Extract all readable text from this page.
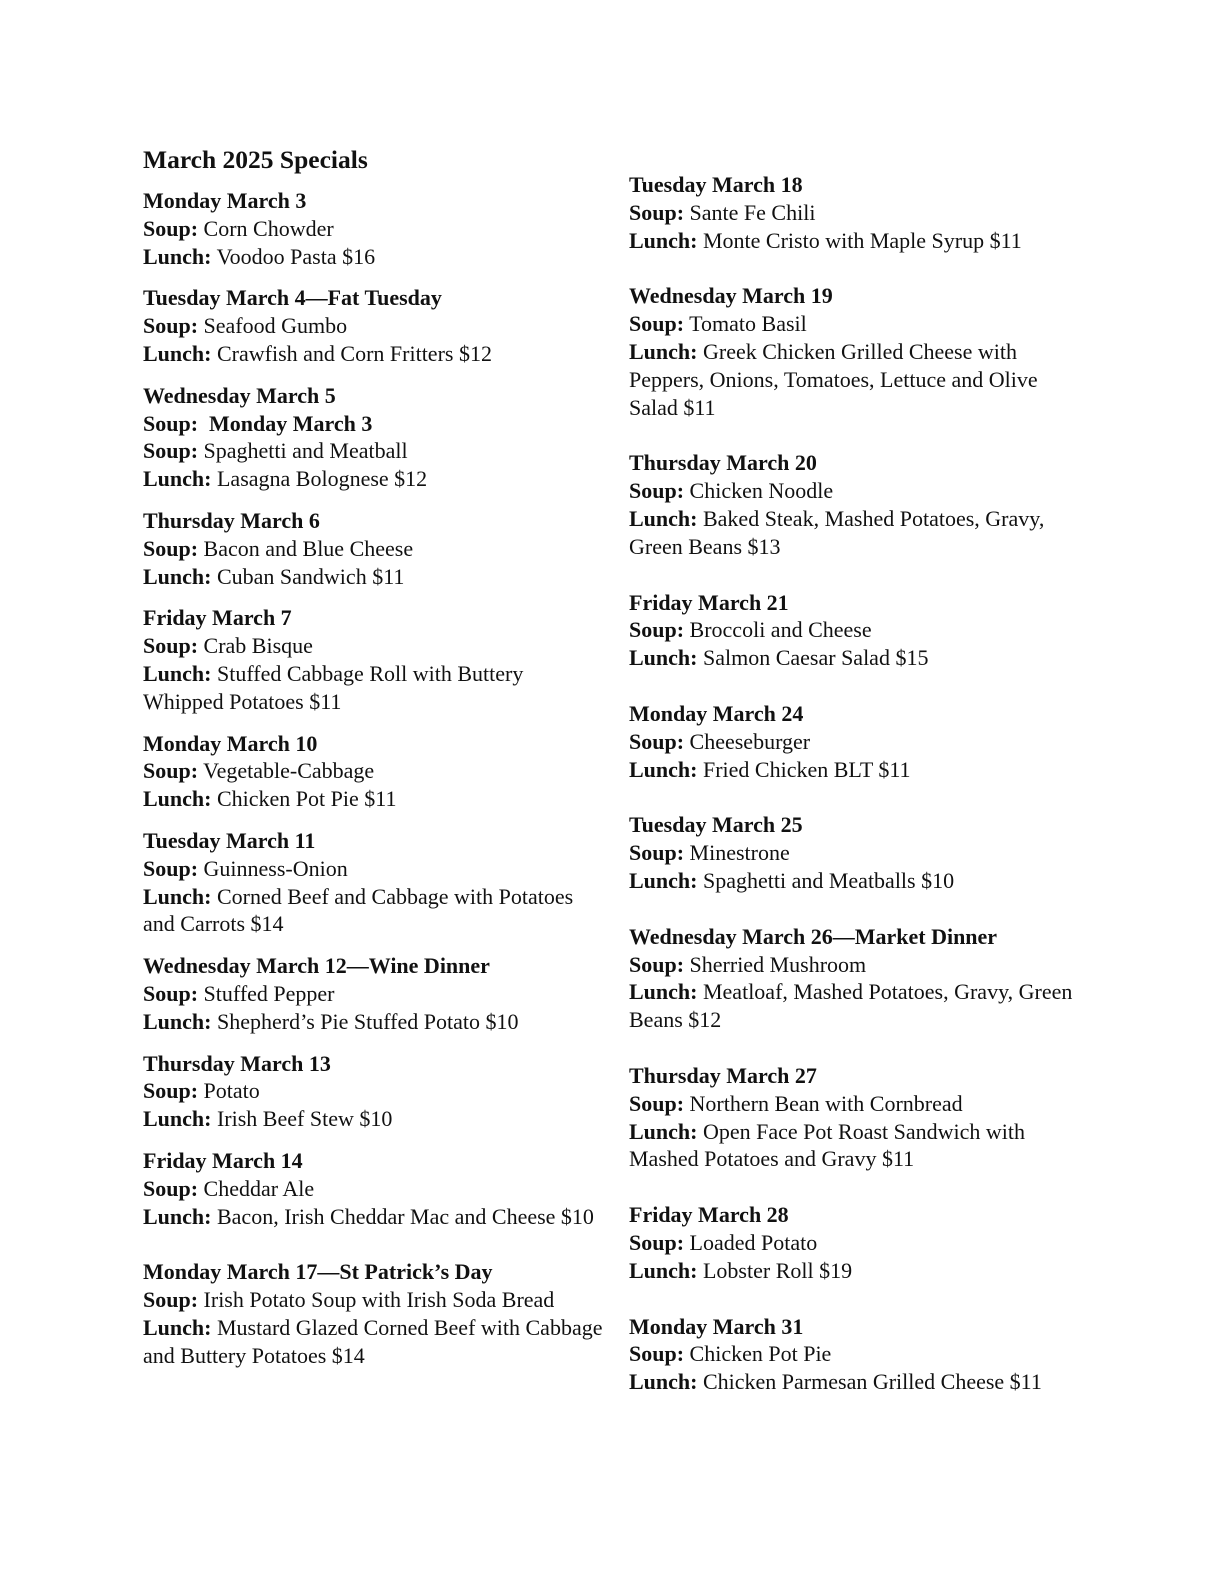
March 2025 Specials
Monday March 3
Soup: Corn Chowder
Lunch: Voodoo Pasta $16
Tuesday March 4—Fat Tuesday
Soup: Seafood Gumbo
Lunch: Crawfish and Corn Fritters $12
Wednesday March 5
Soup:  Monday March 3
Soup: Spaghetti and Meatball
Lunch: Lasagna Bolognese $12
Thursday March 6
Soup: Bacon and Blue Cheese
Lunch: Cuban Sandwich $11
Friday March 7
Soup: Crab Bisque
Lunch: Stuffed Cabbage Roll with Buttery Whipped Potatoes $11
Monday March 10
Soup: Vegetable-Cabbage
Lunch: Chicken Pot Pie $11
Tuesday March 11
Soup: Guinness-Onion
Lunch: Corned Beef and Cabbage with Potatoes and Carrots $14
Wednesday March 12—Wine Dinner
Soup: Stuffed Pepper
Lunch: Shepherd’s Pie Stuffed Potato $10
Thursday March 13
Soup: Potato
Lunch: Irish Beef Stew $10
Friday March 14
Soup: Cheddar Ale
Lunch: Bacon, Irish Cheddar Mac and Cheese $10
Monday March 17—St Patrick’s Day
Soup: Irish Potato Soup with Irish Soda Bread
Lunch: Mustard Glazed Corned Beef with Cabbage and Buttery Potatoes $14
Tuesday March 18
Soup: Sante Fe Chili
Lunch: Monte Cristo with Maple Syrup $11
Wednesday March 19
Soup: Tomato Basil
Lunch: Greek Chicken Grilled Cheese with Peppers, Onions, Tomatoes, Lettuce and Olive Salad $11
Thursday March 20
Soup: Chicken Noodle
Lunch: Baked Steak, Mashed Potatoes, Gravy, Green Beans $13
Friday March 21
Soup: Broccoli and Cheese
Lunch: Salmon Caesar Salad $15
Monday March 24
Soup: Cheeseburger
Lunch: Fried Chicken BLT $11
Tuesday March 25
Soup: Minestrone
Lunch: Spaghetti and Meatballs $10
Wednesday March 26—Market Dinner
Soup: Sherried Mushroom
Lunch: Meatloaf, Mashed Potatoes, Gravy, Green Beans $12
Thursday March 27
Soup: Northern Bean with Cornbread
Lunch: Open Face Pot Roast Sandwich with Mashed Potatoes and Gravy $11
Friday March 28
Soup: Loaded Potato
Lunch: Lobster Roll $19
Monday March 31
Soup: Chicken Pot Pie
Lunch: Chicken Parmesan Grilled Cheese $11
